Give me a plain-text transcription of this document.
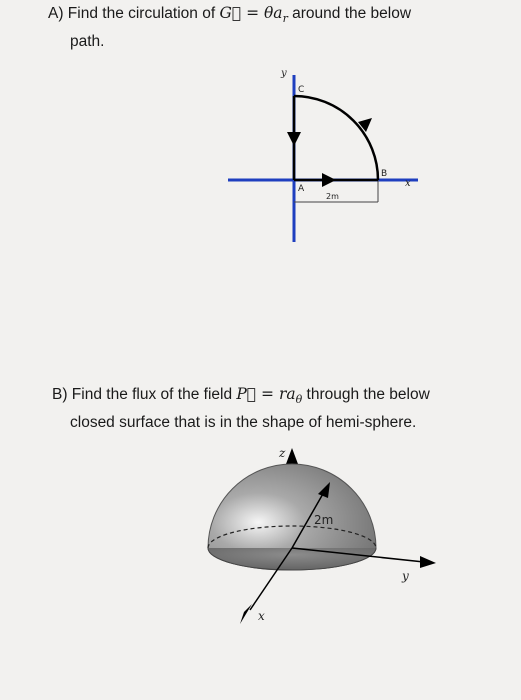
A) Find the circulation of G⃗ = $\theta a_r$ around the below
path.
y
x
C
A
B
2m
B) Find the flux of the field P⃗ = $ra_\theta$ through the below
closed surface that is in the shape of hemi-sphere.
2m
z
y
x
